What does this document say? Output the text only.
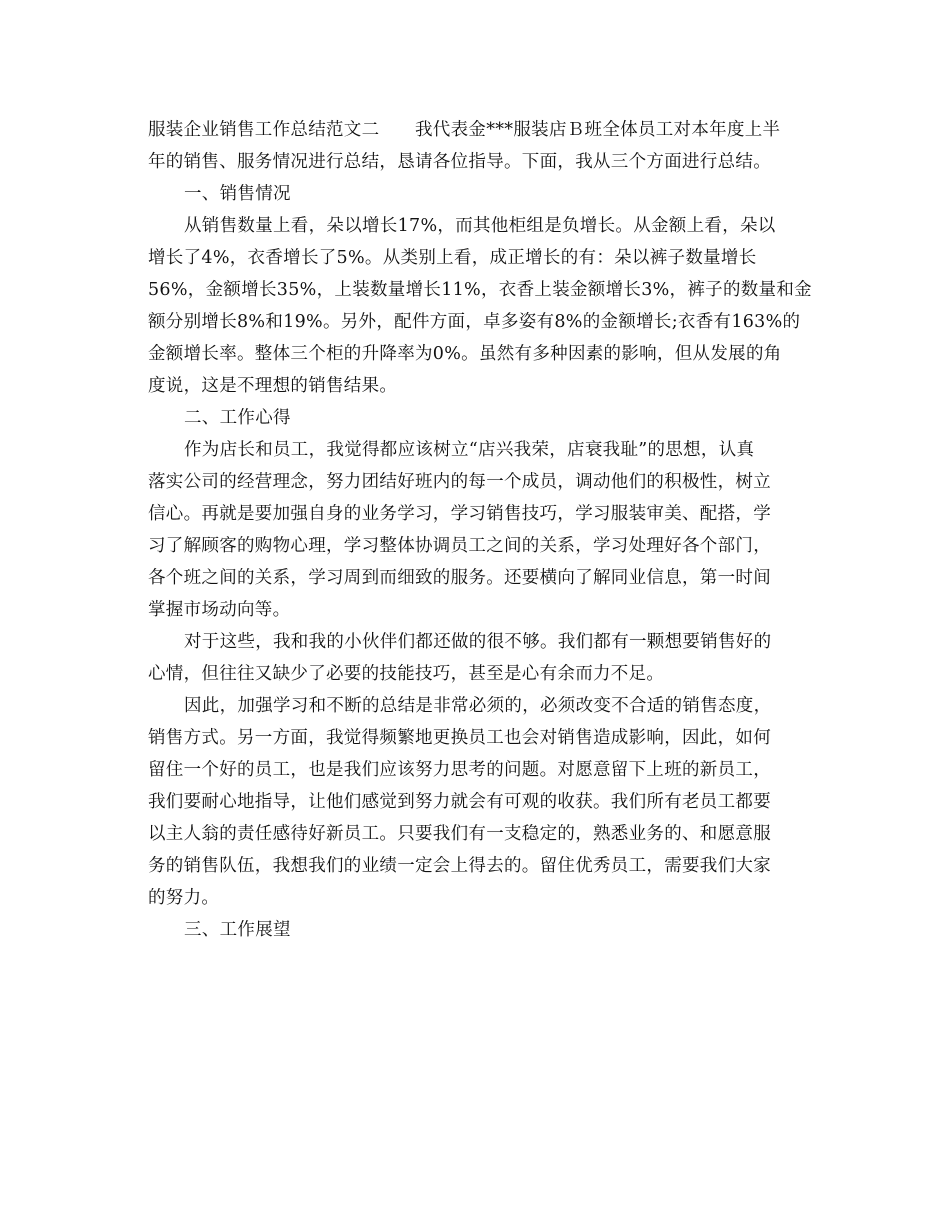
服装企业销售工作总结范文二　　我代表金***服装店Ｂ班全体员工对本年度上半
年的销售、服务情况进行总结，恳请各位指导。下面，我从三个方面进行总结。
一、销售情况
从销售数量上看，朵以增长17%，而其他柜组是负增长。从金额上看，朵以
增长了4%，衣香增长了5%。从类别上看，成正增长的有：朵以裤子数量增长
56%，金额增长35%，上装数量增长11%，衣香上装金额增长3%，裤子的数量和金
额分别增长8%和19%。另外，配件方面，卓多姿有8%的金额增长;衣香有163%的
金额增长率。整体三个柜的升降率为0%。虽然有多种因素的影响，但从发展的角
度说，这是不理想的销售结果。
二、工作心得
作为店长和员工，我觉得都应该树立“店兴我荣，店衰我耻”的思想，认真
落实公司的经营理念，努力团结好班内的每一个成员，调动他们的积极性，树立
信心。再就是要加强自身的业务学习，学习销售技巧，学习服装审美、配搭，学
习了解顾客的购物心理，学习整体协调员工之间的关系，学习处理好各个部门，
各个班之间的关系，学习周到而细致的服务。还要横向了解同业信息，第一时间
掌握市场动向等。
对于这些，我和我的小伙伴们都还做的很不够。我们都有一颗想要销售好的
心情，但往往又缺少了必要的技能技巧，甚至是心有余而力不足。
因此，加强学习和不断的总结是非常必须的，必须改变不合适的销售态度，
销售方式。另一方面，我觉得频繁地更换员工也会对销售造成影响，因此，如何
留住一个好的员工，也是我们应该努力思考的问题。对愿意留下上班的新员工，
我们要耐心地指导，让他们感觉到努力就会有可观的收获。我们所有老员工都要
以主人翁的责任感待好新员工。只要我们有一支稳定的，熟悉业务的、和愿意服
务的销售队伍，我想我们的业绩一定会上得去的。留住优秀员工，需要我们大家
的努力。
三、工作展望
